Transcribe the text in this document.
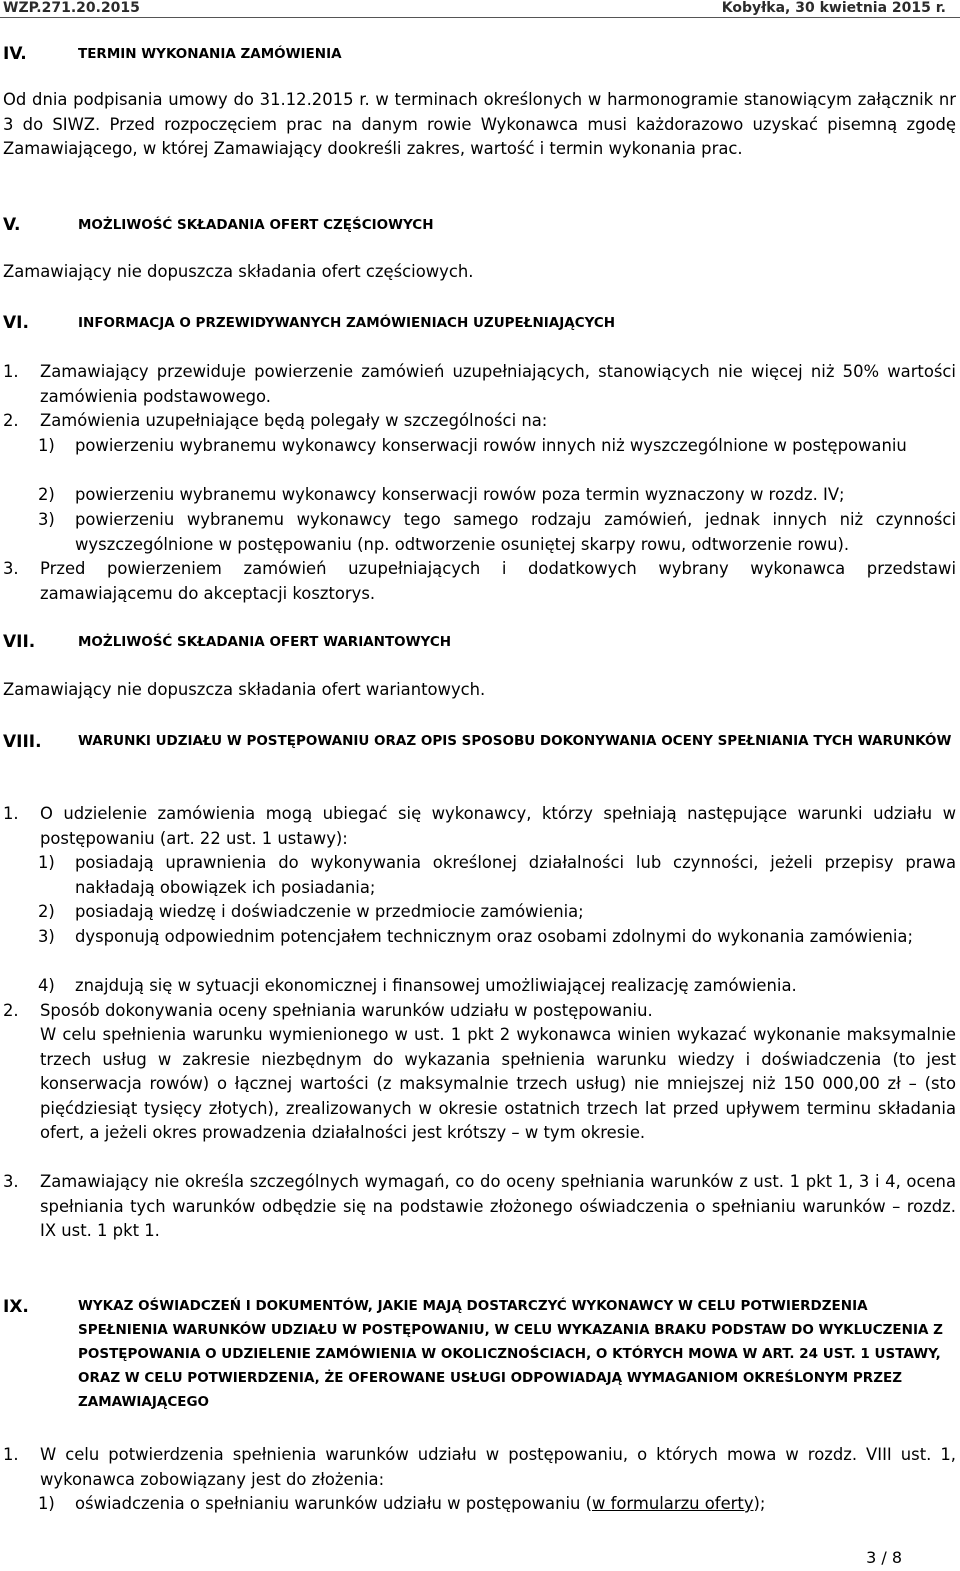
WZP.271.20.2015	Kobyłka, 30 kwietnia 2015 r.
IV.	TERMIN WYKONANIA ZAMÓWIENIA

Od dnia podpisania umowy do 31.12.2015 r. w terminach określonych w harmonogramie stanowiącym załącznik nr 3 do SIWZ. Przed rozpoczęciem prac na danym rowie Wykonawca musi każdorazowo uzyskać pisemną zgodę Zamawiającego, w której Zamawiający dookreśli zakres, wartość i termin wykonania prac.

V.	MOŻLIWOŚĆ SKŁADANIA OFERT CZĘŚCIOWYCH

Zamawiający nie dopuszcza składania ofert częściowych.

VI.	INFORMACJA O PRZEWIDYWANYCH ZAMÓWIENIACH UZUPEŁNIAJĄCYCH
1. Zamawiający przewiduje powierzenie zamówień uzupełniających, stanowiących nie więcej niż 50% wartości zamówienia podstawowego.
2. Zamówienia uzupełniające będą polegały w szczególności na:
1) powierzeniu wybranemu wykonawcy konserwacji rowów innych niż wyszczególnione w postępowaniu
2) powierzeniu wybranemu wykonawcy konserwacji rowów poza termin wyznaczony w rozdz. IV;
3) powierzeniu wybranemu wykonawcy tego samego rodzaju zamówień, jednak innych niż czynności wyszczególnione w postępowaniu (np. odtworzenie osuniętej skarpy rowu, odtworzenie rowu).
3. Przed powierzeniem zamówień uzupełniających i dodatkowych wybrany wykonawca przedstawi zamawiającemu do akceptacji kosztorys.
VII.	MOŻLIWOŚĆ SKŁADANIA OFERT WARIANTOWYCH

Zamawiający nie dopuszcza składania ofert wariantowych.

VIII.	WARUNKI UDZIAŁU W POSTĘPOWANIU ORAZ OPIS SPOSOBU DOKONYWANIA OCENY SPEŁNIANIA TYCH WARUNKÓW
1. O udzielenie zamówienia mogą ubiegać się wykonawcy, którzy spełniają następujące warunki udziału w postępowaniu (art. 22 ust. 1 ustawy):
1) posiadają uprawnienia do wykonywania określonej działalności lub czynności, jeżeli przepisy prawa nakładają obowiązek ich posiadania;
2) posiadają wiedzę i doświadczenie w przedmiocie zamówienia;
3) dysponują odpowiednim potencjałem technicznym oraz osobami zdolnymi do wykonania zamówienia;
4) znajdują się w sytuacji ekonomicznej i finansowej umożliwiającej realizację zamówienia.
2. Sposób dokonywania oceny spełniania warunków udziału w postępowaniu.
W celu spełnienia warunku wymienionego w ust. 1 pkt 2 wykonawca winien wykazać wykonanie maksymalnie trzech usług w zakresie niezbędnym do wykazania spełnienia warunku wiedzy i doświadczenia (to jest konserwacja rowów) o łącznej wartości (z maksymalnie trzech usług) nie mniejszej niż 150 000,00 zł – (sto pięćdziesiąt tysięcy złotych), zrealizowanych w okresie ostatnich trzech lat przed upływem terminu składania ofert, a jeżeli okres prowadzenia działalności jest krótszy – w tym okresie.
3. Zamawiający nie określa szczególnych wymagań, co do oceny spełniania warunków z ust. 1 pkt 1, 3 i 4, ocena spełniania tych warunków odbędzie się na podstawie złożonego oświadczenia o spełnianiu warunków – rozdz. IX ust. 1 pkt 1.
IX.	WYKAZ OŚWIADCZEŃ I DOKUMENTÓW, JAKIE MAJĄ DOSTARCZYĆ WYKONAWCY W CELU POTWIERDZENIA SPEŁNIENIA WARUNKÓW UDZIAŁU W POSTĘPOWANIU, W CELU WYKAZANIA BRAKU PODSTAW DO WYKLUCZENIA Z POSTĘPOWANIA O UDZIELENIE ZAMÓWIENIA W OKOLICZNOŚCIACH, O KTÓRYCH MOWA W ART. 24 UST. 1 USTAWY, ORAZ W CELU POTWIERDZENIA, ŻE OFEROWANE USŁUGI ODPOWIADAJĄ WYMAGANIOM OKREŚLONYM PRZEZ ZAMAWIAJĄCEGO
1. W celu potwierdzenia spełnienia warunków udziału w postępowaniu, o których mowa w rozdz. VIII ust. 1, wykonawca zobowiązany jest do złożenia:
1) oświadczenia o spełnianiu warunków udziału w postępowaniu (w formularzu oferty);
3 / 8
